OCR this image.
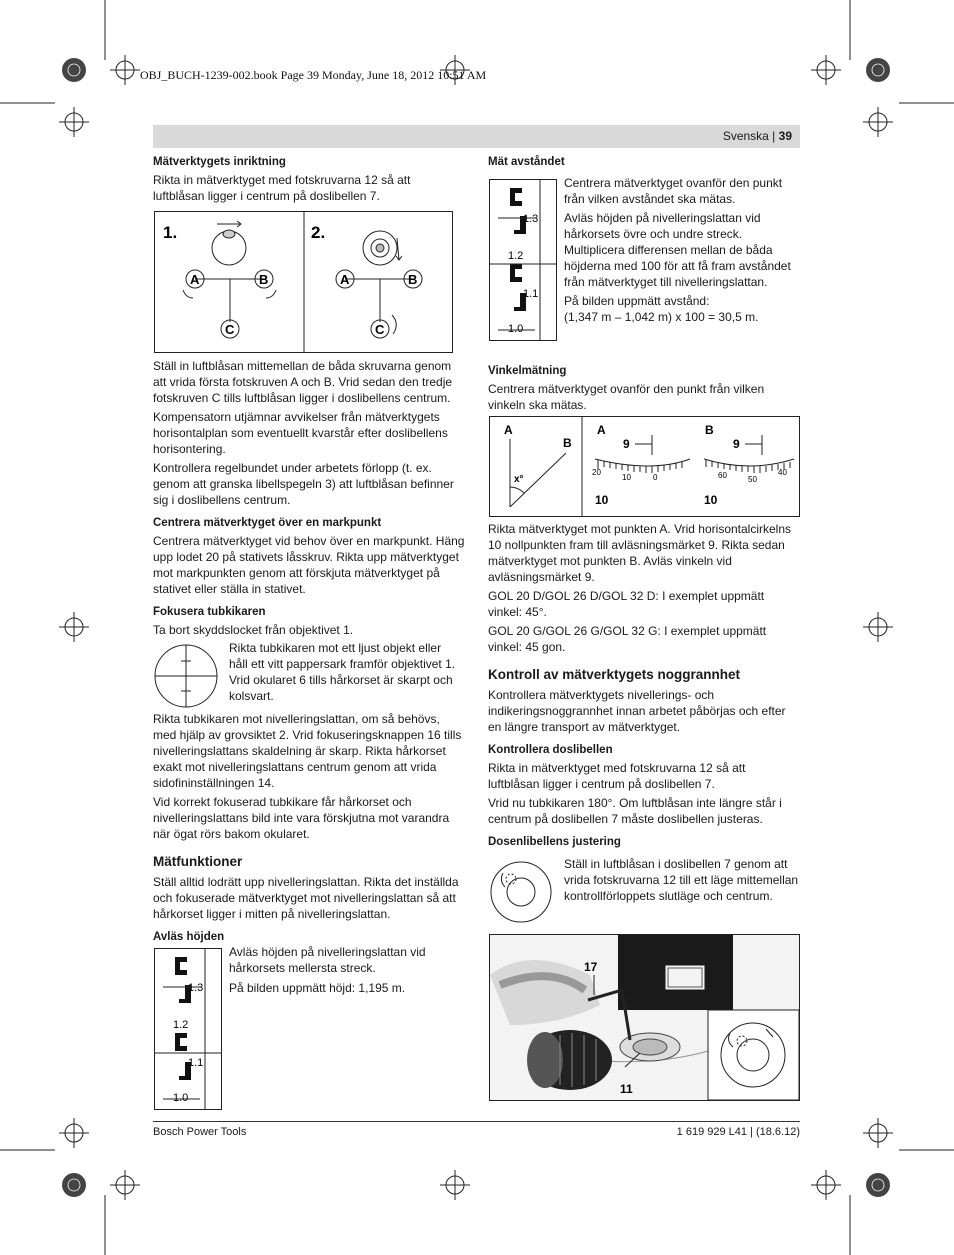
OBJ_BUCH-1239-002.book Page 39 Monday, June 18, 2012 10:51 AM
Svenska | 39
Mätverktygets inriktning

Rikta in mätverktyget med fotskruvarna 12 så att luftblåsan ligger i centrum på doslibellen 7.

1.	2.
A	B
C
A	B
C

Ställ in luftblåsan mittemellan de båda skruvarna genom att vrida första fotskruven A och B. Vrid sedan den tredje fotskruven C tills luftblåsan ligger i doslibellens centrum.

Kompensatorn utjämnar avvikelser från mätverktygets horisontalplan som eventuellt kvarstår efter doslibellens horisontering.

Kontrollera regelbundet under arbetets förlopp (t. ex. genom att granska libellspegeln 3) att luftblåsan befinner sig i doslibellens centrum.

Centrera mätverktyget över en markpunkt

Centrera mätverktyget vid behov över en markpunkt. Häng upp lodet 20 på stativets låsskruv. Rikta upp mätverktyget mot markpunkten genom att förskjuta mätverktyget på stativet eller ställa in stativet.

Fokusera tubkikaren

Ta bort skyddslocket från objektivet 1.

Rikta tubkikaren mot ett ljust objekt eller håll ett vitt pappersark framför objektivet 1. Vrid okularet 6 tills hårkorset är skarpt och kolsvart.

Rikta tubkikaren mot nivelleringslattan, om så behövs, med hjälp av grovsiktet 2. Vrid fokuseringsknappen 16 tills nivelleringslattans skaldelning är skarp. Rikta hårkorset exakt mot nivelleringslattans centrum genom att vrida sidofininställningen 14.

Vid korrekt fokuserad tubkikare får hårkorset och nivelleringslattans bild inte vara förskjutna mot varandra när ögat rörs bakom okularet.

Mätfunktioner

Ställ alltid lodrätt upp nivelleringslattan. Rikta det inställda och fokuserade mätverktyget mot nivelleringslattan så att hårkorset ligger i mitten på nivelleringslattan.

Avläs höjden
1.3
1.2
1.1
1.0

Avläs höjden på nivelleringslattan vid hårkorsets mellersta streck.

På bilden uppmätt höjd: 1,195 m.

Mät avståndet
1.3
1.2
1.1
1.0

Centrera mätverktyget ovanför den punkt från vilken avståndet ska mätas.

Avläs höjden på nivelleringslattan vid hårkorsets övre och undre streck. Multiplicera differensen mellan de båda höjderna med 100 för att få fram avståndet från mätverktyget till nivelleringslattan.

På bilden uppmätt avstånd:

(1,347 m – 1,042 m) x 100 = 30,5 m.

Vinkelmätning

Centrera mätverktyget ovanför den punkt från vilken vinkeln ska mätas.

A
B
x°
A
9
20
10	0
10
B
9
60	50
40
10

Rikta mätverktyget mot punkten A. Vrid horisontalcirkelns 10 nollpunkten fram till avläsningsmärket 9. Rikta sedan mätverktyget mot punkten B. Avläs vinkeln vid avläsningsmärket 9.

GOL 20 D/GOL 26 D/GOL 32 D: I exemplet uppmätt vinkel: 45°.

GOL 20 G/GOL 26 G/GOL 32 G: I exemplet uppmätt vinkel: 45 gon.

Kontroll av mätverktygets noggrannhet

Kontrollera mätverktygets nivellerings- och indikeringsnoggrannhet innan arbetet påbörjas och efter en längre transport av mätverktyget.

Kontrollera doslibellen

Rikta in mätverktyget med fotskruvarna 12 så att luftblåsan ligger i centrum på doslibellen 7.

Vrid nu tubkikaren 180°. Om luftblåsan inte längre står i centrum på doslibellen 7 måste doslibellen justeras.

Dosenlibellens justering
Ställ in luftblåsan i doslibellen 7 genom att vrida fotskruvarna 12 till ett läge mittemellan kontrollförloppets slutläge och centrum.
17
11
Bosch Power Tools	1 619 929 L41 | (18.6.12)
